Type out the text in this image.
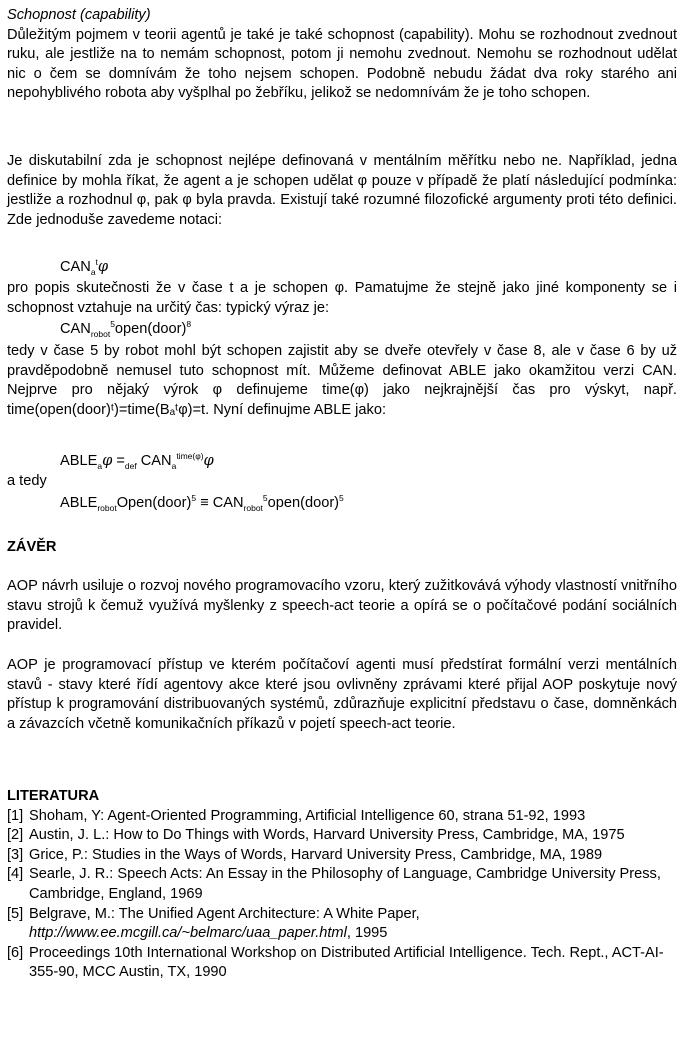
Schopnost (capability)

Důležitým pojmem v teorii agentů je také je také schopnost (capability). Mohu se rozhodnout zvednout ruku, ale jestliže na to nemám schopnost, potom ji nemohu zvednout. Nemohu se rozhodnout udělat nic o čem se domnívám že toho nejsem schopen. Podobně nebudu žádat dva roky starého ani nepohyblivého robota aby vyšplhal po žebříku, jelikož se nedomnívám že je toho schopen.

Je diskutabilní zda je schopnost nejlépe definovaná v mentálním měřítku nebo ne. Například, jedna definice by mohla říkat, že agent a je schopen udělat φ pouze v případě že platí následující podmínka: jestliže a rozhodnul φ, pak φ byla pravda. Existují také rozumné filozofické argumenty proti této definici. Zde jednoduše zavedeme notaci:

$CAN_a^t\varphi$

pro popis skutečnosti že v čase t a je schopen φ. Pamatujme že stejně jako jiné komponenty se i schopnost vztahuje na určitý čas: typický výraz je:

$CAN_{robot}^5open(door)^8$

tedy v čase 5 by robot mohl být schopen zajistit aby se dveře otevřely v čase 8, ale v čase 6 by už pravděpodobně nemusel tuto schopnost mít. Můžeme definovat ABLE jako okamžitou verzi CAN. Nejprve pro nějaký výrok φ definujeme time(φ) jako nejkrajnější čas pro výskyt, např. time(open(door)ᵗ)=time(Bₐᵗφ)=t. Nyní definujme ABLE jako:

$ABLE_a\varphi =_{def}$ $CAN_a^{time(\varphi)}\varphi$
a tedy
$ABLE_{robot}Open(door)^5$ ≡ $CAN_{robot}^5open(door)^5$
ZÁVĚR

AOP návrh usiluje o rozvoj nového programovacího vzoru, který zužitkovává výhody vlastností vnitřního stavu strojů k čemuž využívá myšlenky z speech-act teorie a opírá se o počítačové podání sociálních pravidel.

AOP je programovací přístup ve kterém počítačoví agenti musí předstírat formální verzi mentálních stavů - stavy které řídí agentovy akce které jsou ovlivněny zprávami které přijal AOP poskytuje nový přístup k programování distribuovaných systémů, zdůrazňuje explicitní představu o čase, domněnkách a závazcích včetně komunikačních příkazů v pojetí speech-act teorie.

LITERATURA
[1] Shoham, Y: Agent-Oriented Programming, Artificial Intelligence 60, strana 51-92, 1993
[2] Austin, J. L.: How to Do Things with Words, Harvard University Press, Cambridge, MA, 1975
[3] Grice, P.: Studies in the Ways of Words, Harvard University Press, Cambridge, MA, 1989
[4] Searle, J. R.: Speech Acts: An Essay in the Philosophy of Language, Cambridge University Press, Cambridge, England, 1969
[5] Belgrave, M.: The Unified Agent Architecture: A White Paper,
http://www.ee.mcgill.ca/~belmarc/uaa_paper.html, 1995
[6] Proceedings 10th International Workshop on Distributed Artificial Intelligence. Tech. Rept., ACT-AI-355-90, MCC Austin, TX, 1990
